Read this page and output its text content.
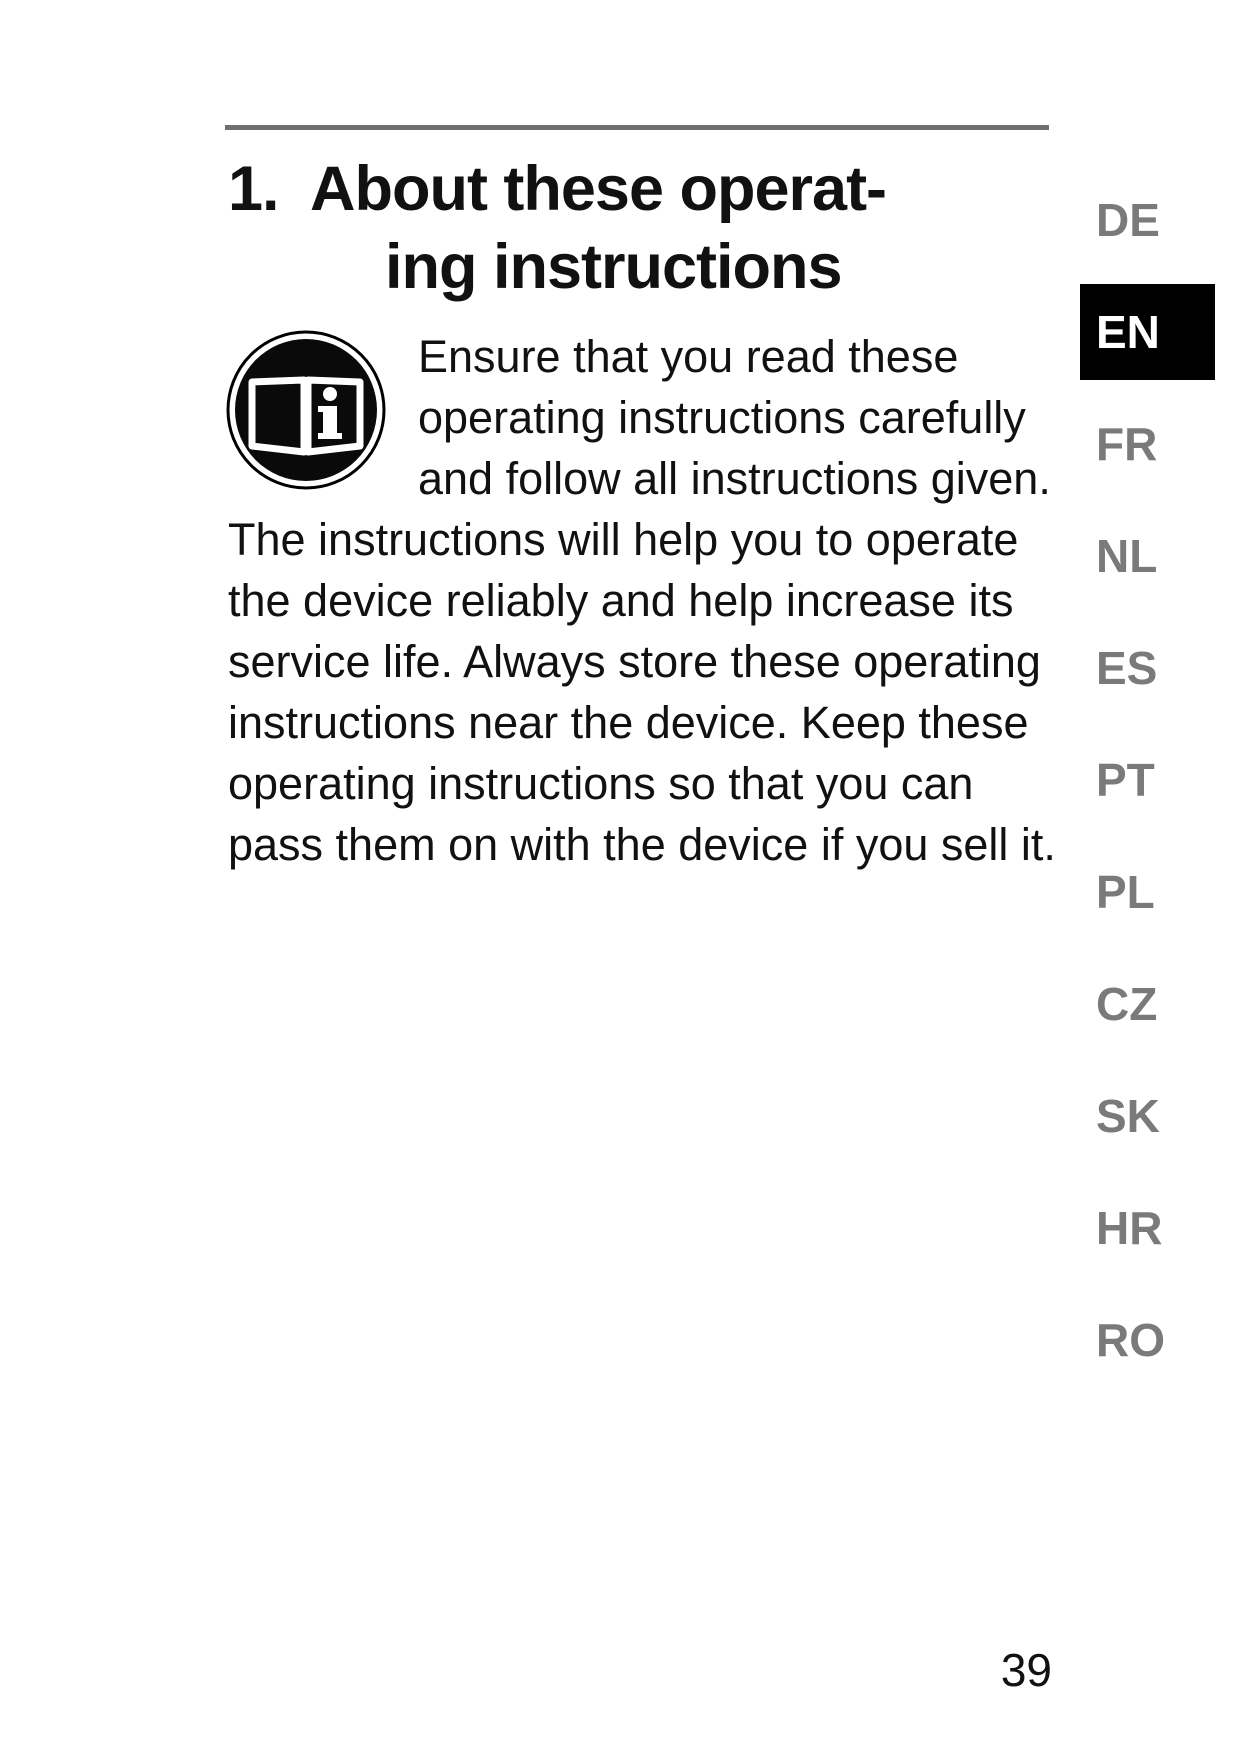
1. About these operat-
ing instructions

Ensure that you read these operating instructions carefully and follow all instructions given. The instructions will help you to operate the device reliably and help increase its service life. Always store these operating instructions near the device. Keep these operating instructions so that you can pass them on with the device if you sell it.

DE
EN
FR
NL
ES
PT
PL
CZ
SK
HR
RO
39
